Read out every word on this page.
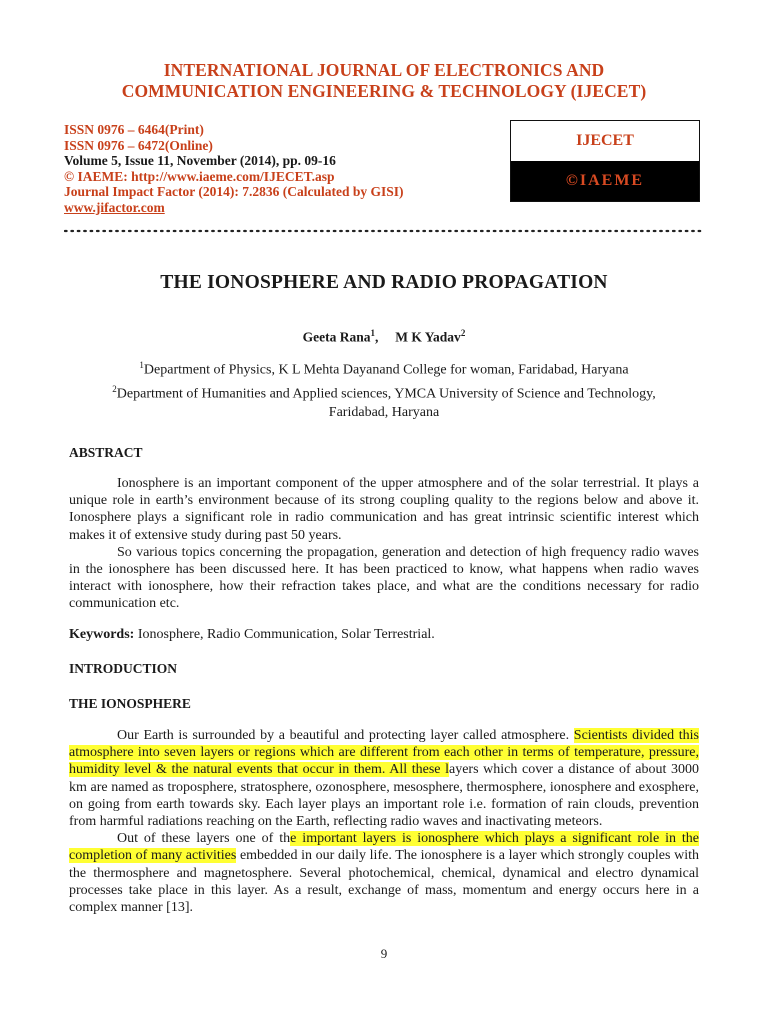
INTERNATIONAL JOURNAL OF ELECTRONICS AND
COMMUNICATION ENGINEERING & TECHNOLOGY (IJECET)
ISSN 0976 – 6464(Print)
ISSN 0976 – 6472(Online)
Volume 5, Issue 11, November (2014), pp. 09-16
© IAEME: http://www.iaeme.com/IJECET.asp
Journal Impact Factor (2014): 7.2836 (Calculated by GISI)
www.jifactor.com
IJECET
©IAEME
THE IONOSPHERE AND RADIO PROPAGATION
Geeta Rana$^1$, M K Yadav$^2$
$^1$Department of Physics, K L Mehta Dayanand College for woman, Faridabad, Haryana
$^2$Department of Humanities and Applied sciences, YMCA University of Science and Technology,
Faridabad, Haryana
ABSTRACT

Ionosphere is an important component of the upper atmosphere and of the solar terrestrial. It plays a unique role in earth’s environment because of its strong coupling quality to the regions below and above it. Ionosphere plays a significant role in radio communication and has great intrinsic scientific interest which makes it of extensive study during past 50 years.

So various topics concerning the propagation, generation and detection of high frequency radio waves in the ionosphere has been discussed here. It has been practiced to know, what happens when radio waves interact with ionosphere, how their refraction takes place, and what are the conditions necessary for radio communication etc.

Keywords: Ionosphere, Radio Communication, Solar Terrestrial.
INTRODUCTION
THE IONOSPHERE

Our Earth is surrounded by a beautiful and protecting layer called atmosphere. Scientists divided this atmosphere into seven layers or regions which are different from each other in terms of temperature, pressure, humidity level & the natural events that occur in them. All these layers which cover a distance of about 3000 km are named as troposphere, stratosphere, ozonosphere, mesosphere, thermosphere, ionosphere and exosphere, on going from earth towards sky. Each layer plays an important role i.e. formation of rain clouds, prevention from harmful radiations reaching on the Earth, reflecting radio waves and inactivating meteors.

Out of these layers one of the important layers is ionosphere which plays a significant role in the completion of many activities embedded in our daily life. The ionosphere is a layer which strongly couples with the thermosphere and magnetosphere. Several photochemical, chemical, dynamical and electro dynamical processes take place in this layer. As a result, exchange of mass, momentum and energy occurs here in a complex manner [13].

9
